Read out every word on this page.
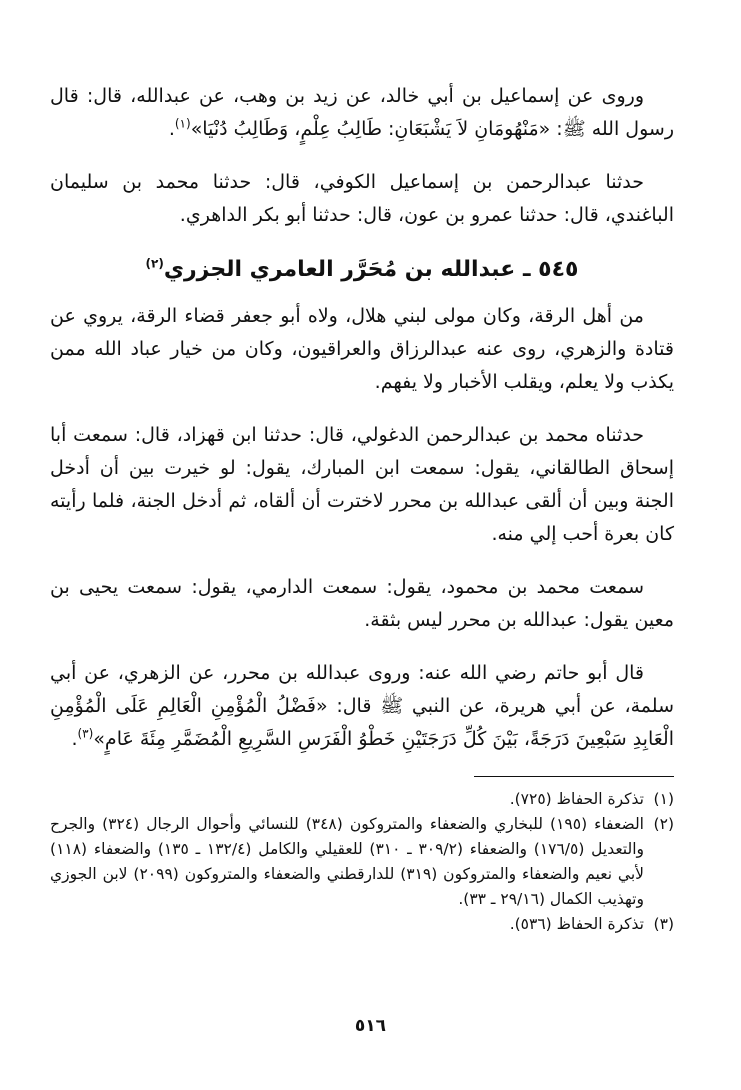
وروى عن إسماعيل بن أبي خالد، عن زيد بن وهب، عن عبدالله، قال: قال رسول الله ﷺ: «مَنْهُومَانِ لاَ يَشْبَعَانِ: طَالِبُ عِلْمٍ، وَطَالِبُ دُنْيَا»$^{(١)}$.

حدثنا عبدالرحمن بن إسماعيل الكوفي، قال: حدثنا محمد بن سليمان الباغندي، قال: حدثنا عمرو بن عون، قال: حدثنا أبو بكر الداهري.

٥٤٥ ـ عبدالله بن مُحَرَّر العامري الجزري$^{(٢)}$

من أهل الرقة، وكان مولى لبني هلال، ولاه أبو جعفر قضاء الرقة، يروي عن قتادة والزهري، روى عنه عبدالرزاق والعراقيون، وكان من خيار عباد الله ممن يكذب ولا يعلم، ويقلب الأخبار ولا يفهم.

حدثناه محمد بن عبدالرحمن الدغولي، قال: حدثنا ابن قهزاد، قال: سمعت أبا إسحاق الطالقاني، يقول: سمعت ابن المبارك، يقول: لو خيرت بين أن أدخل الجنة وبين أن ألقى عبدالله بن محرر لاخترت أن ألقاه، ثم أدخل الجنة، فلما رأيته كان بعرة أحب إلي منه.

سمعت محمد بن محمود، يقول: سمعت الدارمي، يقول: سمعت يحيى بن معين يقول: عبدالله بن محرر ليس بثقة.

قال أبو حاتم رضي الله عنه: وروى عبدالله بن محرر، عن الزهري، عن أبي سلمة، عن أبي هريرة، عن النبي ﷺ قال: «فَضْلُ الْمُؤْمِنِ الْعَالِمِ عَلَى الْمُؤْمِنِ الْعَابِدِ سَبْعِينَ دَرَجَةً، بَيْنَ كُلِّ دَرَجَتَيْنِ خَطْوُ الْفَرَسِ السَّرِيعِ الْمُضَمَّرِ مِئَةَ عَامٍ»$^{(٣)}$.

(١)
تذكرة الحفاظ (٧٢٥).
(٢)
الضعفاء (١٩٥) للبخاري والضعفاء والمتروكون (٣٤٨) للنسائي وأحوال الرجال (٣٢٤) والجرح والتعديل (١٧٦/٥) والضعفاء (٣٠٩/٢ ـ ٣١٠) للعقيلي والكامل (١٣٢/٤ ـ ١٣٥) والضعفاء (١١٨) لأبي نعيم والضعفاء والمتروكون (٣١٩) للدارقطني والضعفاء والمتروكون (٢٠٩٩) لابن الجوزي وتهذيب الكمال (٢٩/١٦ ـ ٣٣).
(٣)
تذكرة الحفاظ (٥٣٦).
٥١٦
